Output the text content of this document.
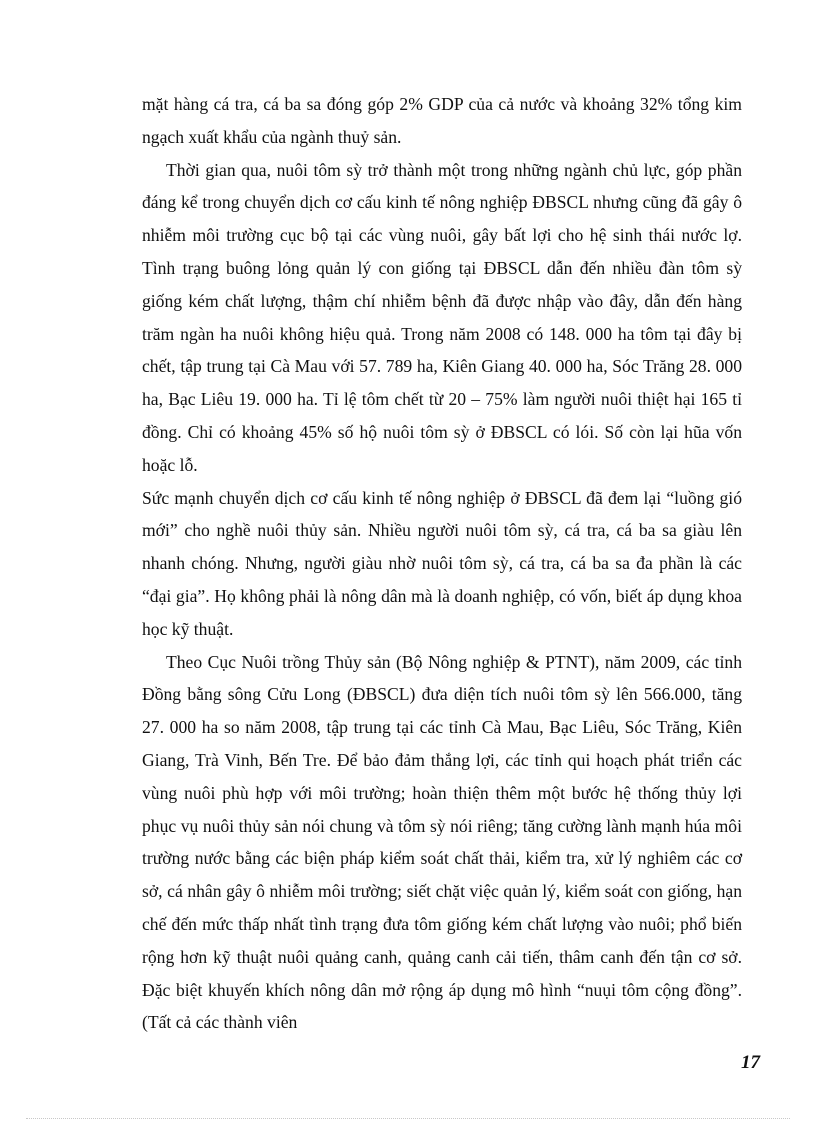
mặt hàng cá tra, cá ba sa đóng góp 2% GDP của cả nước và khoảng 32% tổng kim ngạch xuất khẩu của ngành thuỷ sản.

Thời gian qua, nuôi tôm sỳ trở thành một trong những ngành chủ lực, góp phần đáng kể trong chuyển dịch cơ cấu kinh tế nông nghiệp ĐBSCL nhưng cũng đã gây ô nhiễm môi trường cục bộ tại các vùng nuôi, gây bất lợi cho hệ sinh thái nước lợ. Tình trạng buông lỏng quản lý con giống tại ĐBSCL dẫn đến nhiều đàn tôm sỳ giống kém chất lượng, thậm chí nhiễm bệnh đã được nhập vào đây, dẫn đến hàng trăm ngàn ha nuôi không hiệu quả. Trong năm 2008 có 148. 000 ha tôm tại đây bị chết, tập trung tại Cà Mau với 57. 789 ha, Kiên Giang 40. 000 ha, Sóc Trăng 28. 000 ha, Bạc Liêu 19. 000 ha. Tỉ lệ tôm chết từ 20 – 75% làm người nuôi thiệt hại 165 tỉ đồng. Chỉ có khoảng 45% số hộ nuôi tôm sỳ ở ĐBSCL có lói. Số còn lại hũa vốn hoặc lỗ.

Sức mạnh chuyển dịch cơ cấu kinh tế nông nghiệp ở ĐBSCL đã đem lại “luồng gió mới” cho nghề nuôi thủy sản. Nhiều người nuôi tôm sỳ, cá tra, cá ba sa giàu lên nhanh chóng. Nhưng, người giàu nhờ nuôi tôm sỳ, cá tra, cá ba sa đa phần là các “đại gia”. Họ không phải là nông dân mà là doanh nghiệp, có vốn, biết áp dụng khoa học kỹ thuật.

Theo Cục Nuôi trồng Thủy sản (Bộ Nông nghiệp & PTNT), năm 2009, các tỉnh Đồng bằng sông Cửu Long (ĐBSCL) đưa diện tích nuôi tôm sỳ lên 566.000, tăng 27. 000 ha so năm 2008, tập trung tại các tỉnh Cà Mau, Bạc Liêu, Sóc Trăng, Kiên Giang, Trà Vinh, Bến Tre. Để bảo đảm thắng lợi, các tỉnh qui hoạch phát triển các vùng nuôi phù hợp với môi trường; hoàn thiện thêm một bước hệ thống thủy lợi phục vụ nuôi thủy sản nói chung và tôm sỳ nói riêng; tăng cường lành mạnh húa môi trường nước bằng các biện pháp kiểm soát chất thải, kiểm tra, xử lý nghiêm các cơ sở, cá nhân gây ô nhiễm môi trường; siết chặt việc quản lý, kiểm soát con giống, hạn chế đến mức thấp nhất tình trạng đưa tôm giống kém chất lượng vào nuôi; phổ biến rộng hơn kỹ thuật nuôi quảng canh, quảng canh cải tiến, thâm canh đến tận cơ sở. Đặc biệt khuyến khích nông dân mở rộng áp dụng mô hình “nuụi tôm cộng đồng”. (Tất cả các thành viên

17
